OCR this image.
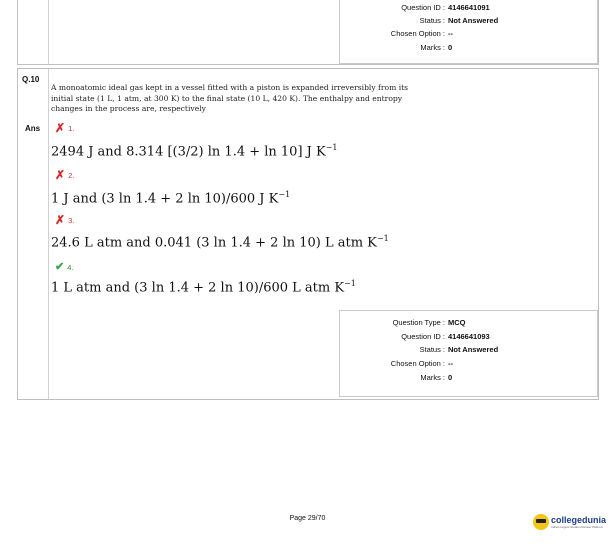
Question ID : 4146641091
Status : Not Answered
Chosen Option : --
Marks : 0
Q.10
A monoatomic ideal gas kept in a vessel fitted with a piston is expanded irreversibly from its initial state (1 L, 1 atm, at 300 K) to the final state (10 L, 420 K). The enthalpy and entropy changes in the process are, respectively
Ans ✗ 1.
2494 J and 8.314 [(3/2) ln 1.4 + ln 10] J $K^{-1}$
✗ 2.
1 J and (3 ln 1.4 + 2 ln 10)/600 J $K^{-1}$
✗ 3.
24.6 L atm and 0.041 (3 ln 1.4 + 2 ln 10) L atm $K^{-1}$
✔ 4.
1 L atm and (3 ln 1.4 + 2 ln 10)/600 L atm $K^{-1}$
Question Type : MCQ
Question ID : 4146641093
Status : Not Answered
Chosen Option : --
Marks : 0
Page 29/70	collegedunia
India's largest Student Review Platform
